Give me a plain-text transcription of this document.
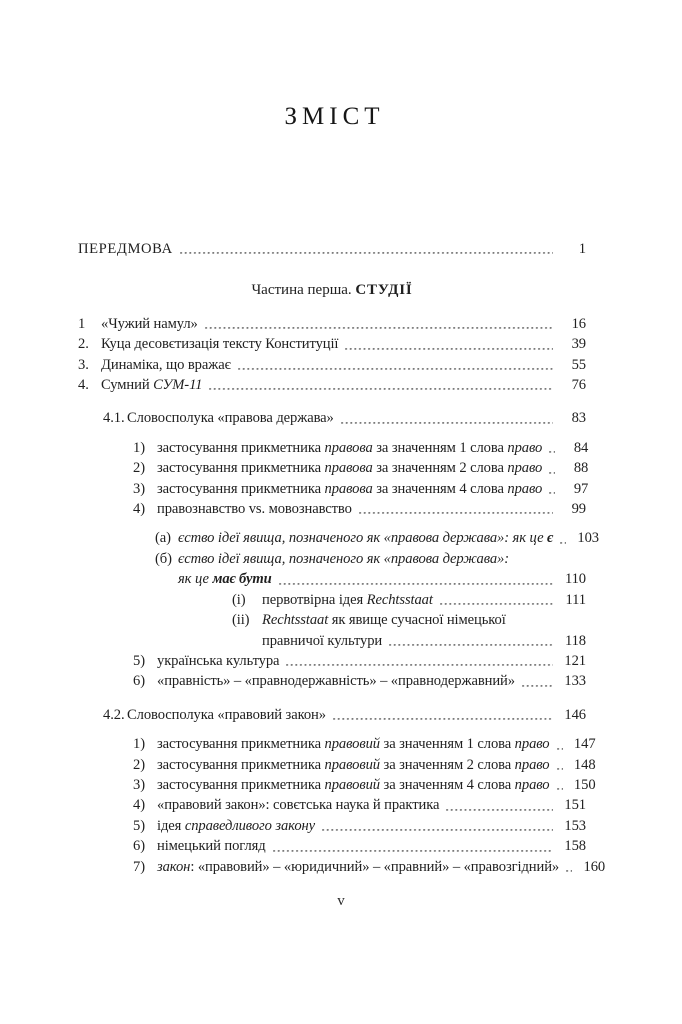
ЗМІСТ
ПЕРЕДМОВА	1
Частина перша. СТУДІЇ
1	«Чужий намул»	16
2. Куца десовєтизація тексту Конституції	39
3. Динаміка, що вражає	55
4. Сумний СУМ-11	76
4.1. Словосполука «правова держава»	83
1) застосування прикметника правова за значенням 1 слова право	84
2) застосування прикметника правова за значенням 2 слова право	88
3) застосування прикметника правова за значенням 4 слова право	97
4) правознавство vs. мовознавство	99
(а) єство ідеї явища, позначеного як «правова держава»: як це є	103
(б) єство ідеї явища, позначеного як «правова держава»:
як це має бути	110
(i)	первотвірна ідея Rechtsstaat	111
(ii) Rechtsstaat як явище сучасної німецької
правничої культури	118
5) українська культура	121
6) «правність» – «правнодержавність» – «правнодержавний»	133
4.2. Словосполука «правовий закон»	146
1) застосування прикметника правовий за значенням 1 слова право	147
2) застосування прикметника правовий за значенням 2 слова право	148
3) застосування прикметника правовий за значенням 4 слова право	150
4) «правовий закон»: совєтська наука й практика	151
5) ідея справедливого закону	153
6) німецький погляд	158
7) закон: «правовий» – «юридичний» – «правний» – «правозгідний»	160
v
